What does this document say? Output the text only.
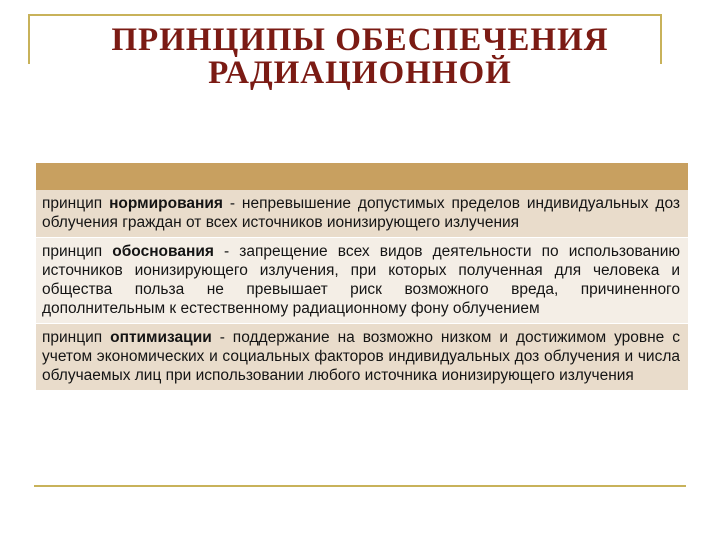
ПРИНЦИПЫ ОБЕСПЕЧЕНИЯ РАДИАЦИОННОЙ
принцип нормирования - непревышение допустимых пределов индивидуальных доз облучения граждан от всех источников ионизирующего излучения
принцип обоснования - запрещение всех видов деятельности по использованию источников ионизирующего излучения, при которых полученная для человека и общества польза не превышает риск возможного вреда, причиненного дополнительным к естественному радиационному фону облучением
принцип оптимизации - поддержание на возможно низком и достижимом уровне с учетом экономических и социальных факторов индивидуальных доз облучения и числа облучаемых лиц при использовании любого источника ионизирующего излучения
